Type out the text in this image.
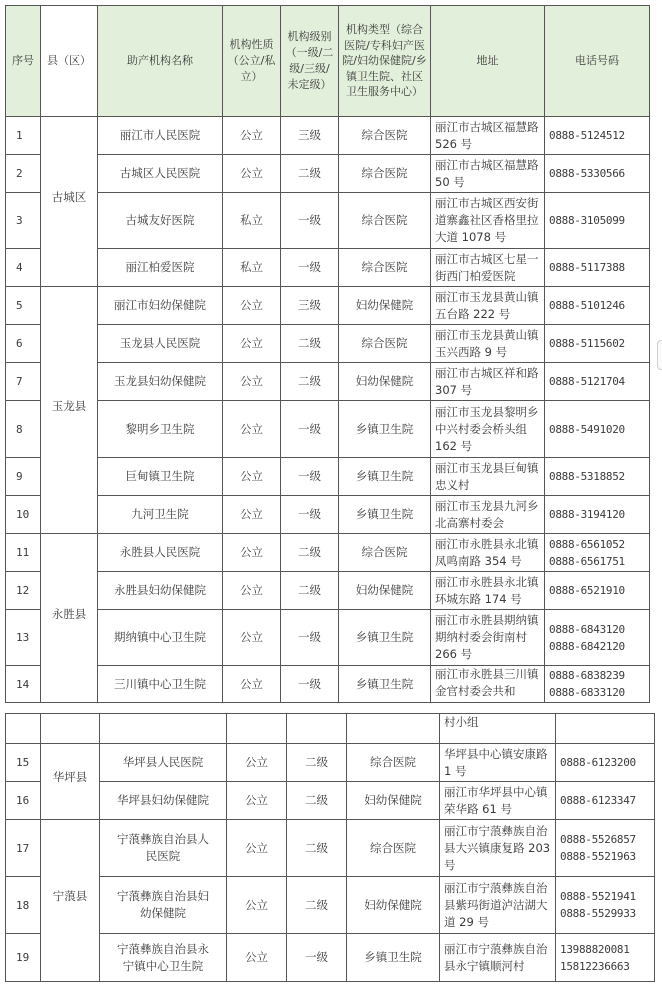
序号	县（区）	助产机构名称	机构性质（公立/私立）	机构级别（一级/二级/三级/未定级）	机构类型（综合医院/专科妇产医院/妇幼保健院/乡镇卫生院、社区卫生服务中心）	地址	电话号码
1	古城区	丽江市人民医院	公立	三级	综合医院	丽江市古城区福慧路 526 号	0888-5124512

2		古城区人民医院	公立	二级	综合医院	丽江市古城区福慧路 50 号	0888-5330566

3		古城友好医院	私立	一级	综合医院	丽江市古城区西安街道寨鑫社区香格里拉大道 1078 号	0888-3105099

4		丽江柏爱医院	私立	一级	综合医院	丽江市古城区七星一街西门柏爱医院	0888-5117388

5	玉龙县	丽江市妇幼保健院	公立	三级	妇幼保健院	丽江市玉龙县黄山镇五台路 222 号	0888-5101246

6		玉龙县人民医院	公立	二级	综合医院	丽江市玉龙县黄山镇玉兴西路 9 号	0888-5115602

7		玉龙县妇幼保健院	公立	二级	妇幼保健院	丽江市古城区祥和路 307 号	0888-5121704

8		黎明乡卫生院	公立	一级	乡镇卫生院	丽江市玉龙县黎明乡中兴村委会桥头组 162 号	0888-5491020

9		巨甸镇卫生院	公立	一级	乡镇卫生院	丽江市玉龙县巨甸镇忠义村	0888-5318852

10		九河卫生院	公立	一级	乡镇卫生院	丽江市玉龙县九河乡北高寨村委会	0888-3194120

11	永胜县	永胜县人民医院	公立	二级	综合医院	丽江市永胜县永北镇凤鸣南路 354 号	0888-6561052
0888-6561751

12		永胜县妇幼保健院	公立	二级	妇幼保健院	丽江市永胜县永北镇环城东路 174 号	0888-6521910

13		期纳镇中心卫生院	公立	一级	乡镇卫生院	丽江市永胜县期纳镇期纳村委会街南村 266 号	0888-6843120
0888-6842120

14		三川镇中心卫生院	公立	一级	乡镇卫生院	丽江市永胜县三川镇金官村委会共和	0888-6838239
0888-6833120
						村小组	
15	华坪县	华坪县人民医院	公立	二级	综合医院	华坪县中心镇安康路 1 号	0888-6123200

16		华坪县妇幼保健院	公立	二级	妇幼保健院	丽江市华坪县中心镇荣华路 61 号	0888-6123347

17	宁蒗县	宁蒗彝族自治县人民医院	公立	二级	综合医院	丽江市宁蒗彝族自治县大兴镇康复路 203 号	0888-5526857
0888-5521963

18		宁蒗彝族自治县妇幼保健院	公立	二级	妇幼保健院	丽江市宁蒗彝族自治县紫玛街道泸沽湖大道 29 号	0888-5521941
0888-5529933

19		宁蒗彝族自治县永宁镇中心卫生院	公立	一级	乡镇卫生院	丽江市宁蒗彝族自治县永宁镇顺河村	13988820081
15812236663
